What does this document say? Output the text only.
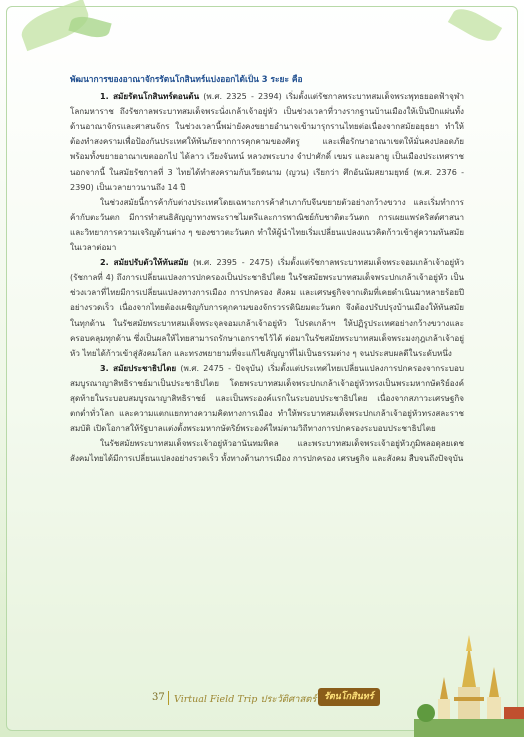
พัฒนาการของอาณาจักรรัตนโกสินทร์แบ่งออกได้เป็น 3 ระยะ คือ

1. สมัยรัตนโกสินทร์ตอนต้น (พ.ศ. 2325 - 2394) เริ่มตั้งแต่รัชกาลพระบาทสมเด็จพระพุทธยอดฟ้าจุฬาโลกมหาราช ถึงรัชกาลพระบาทสมเด็จพระนั่งเกล้าเจ้าอยู่หัว เป็นช่วงเวลาที่วางรากฐานบ้านเมืองให้เป็นปึกแผ่นทั้งด้านอาณาจักรและศาสนจักร ในช่วงเวลานี้พม่ายังคงขยายอำนาจเข้ามารุกรานไทยต่อเนื่องจากสมัยอยุธยา ทำให้ต้องทำสงครามเพื่อป้องกันประเทศให้พ้นภัยจากการคุกคามของศัตรู และเพื่อรักษาอาณาเขตให้มั่นคงปลอดภัย พร้อมทั้งขยายอาณาเขตออกไป ได้ลาว เวียงจันทน์ หลวงพระบาง จำปาศักดิ์ เขมร และมลายู เป็นเมืองประเทศราช นอกจากนี้ ในสมัยรัชกาลที่ 3 ไทยได้ทำสงครามกับเวียดนาม (ญวน) เรียกว่า ศึกอันนัมสยามยุทธ์ (พ.ศ. 2376 - 2390) เป็นเวลายาวนานถึง 14 ปี

ในช่วงสมัยนี้การค้ากับต่างประเทศโดยเฉพาะการค้าสำเภากับจีนขยายตัวอย่างกว้างขวาง และเริ่มทำการค้ากับตะวันตก มีการทำสนธิสัญญาทางพระราชไมตรีและการพาณิชย์กับชาติตะวันตก การเผยแพร่คริสต์ศาสนาและวิทยาการความเจริญด้านต่าง ๆ ของชาวตะวันตก ทำให้ผู้นำไทยเริ่มเปลี่ยนแปลงแนวคิดก้าวเข้าสู่ความทันสมัยในเวลาต่อมา

2. สมัยปรับตัวให้ทันสมัย (พ.ศ. 2395 - 2475) เริ่มตั้งแต่รัชกาลพระบาทสมเด็จพระจอมเกล้าเจ้าอยู่หัว (รัชกาลที่ 4) ถึงการเปลี่ยนแปลงการปกครองเป็นประชาธิปไตย ในรัชสมัยพระบาทสมเด็จพระปกเกล้าเจ้าอยู่หัว เป็นช่วงเวลาที่ไทยมีการเปลี่ยนแปลงทางการเมือง การปกครอง สังคม และเศรษฐกิจจากเดิมที่เคยดำเนินมาหลายร้อยปีอย่างรวดเร็ว เนื่องจากไทยต้องเผชิญกับการคุกคามของจักรวรรดินิยมตะวันตก จึงต้องปรับปรุงบ้านเมืองให้ทันสมัยในทุกด้าน ในรัชสมัยพระบาทสมเด็จพระจุลจอมเกล้าเจ้าอยู่หัว โปรดเกล้าฯ ให้ปฏิรูประเทศอย่างกว้างขวางและครอบคลุมทุกด้าน ซึ่งเป็นผลให้ไทยสามารถรักษาเอกราชไว้ได้ ต่อมาในรัชสมัยพระบาทสมเด็จพระมงกุฎเกล้าเจ้าอยู่หัว ไทยได้ก้าวเข้าสู่สังคมโลก และทรงพยายามที่จะแก้ไขสัญญาที่ไม่เป็นธรรมต่าง ๆ จนประสบผลดีในระดับหนึ่ง

3. สมัยประชาธิปไตย (พ.ศ. 2475 - ปัจจุบัน) เริ่มตั้งแต่ประเทศไทยเปลี่ยนแปลงการปกครองจากระบอบสมบูรณาญาสิทธิราชย์มาเป็นประชาธิปไตย โดยพระบาทสมเด็จพระปกเกล้าเจ้าอยู่หัวทรงเป็นพระมหากษัตริย์องค์สุดท้ายในระบอบสมบูรณาญาสิทธิราชย์ และเป็นพระองค์แรกในระบอบประชาธิปไตย เนื่องจากสภาวะเศรษฐกิจตกต่ำทั่วโลก และความแตกแยกทางความคิดทางการเมือง ทำให้พระบาทสมเด็จพระปกเกล้าเจ้าอยู่หัวทรงสละราชสมบัติ เปิดโอกาสให้รัฐบาลแต่งตั้งพระมหากษัตริย์พระองค์ใหม่ตามวิถีทางการปกครองระบอบประชาธิปไตย

ในรัชสมัยพระบาทสมเด็จพระเจ้าอยู่หัวอานันทมหิดล และพระบาทสมเด็จพระเจ้าอยู่หัวภูมิพลอดุลยเดช สังคมไทยได้มีการเปลี่ยนแปลงอย่างรวดเร็ว ทั้งทางด้านการเมือง การปกครอง เศรษฐกิจ และสังคม สืบจนถึงปัจจุบัน

37 Virtual Field Trip ประวัติศาสตร์ รัตนโกสินทร์
